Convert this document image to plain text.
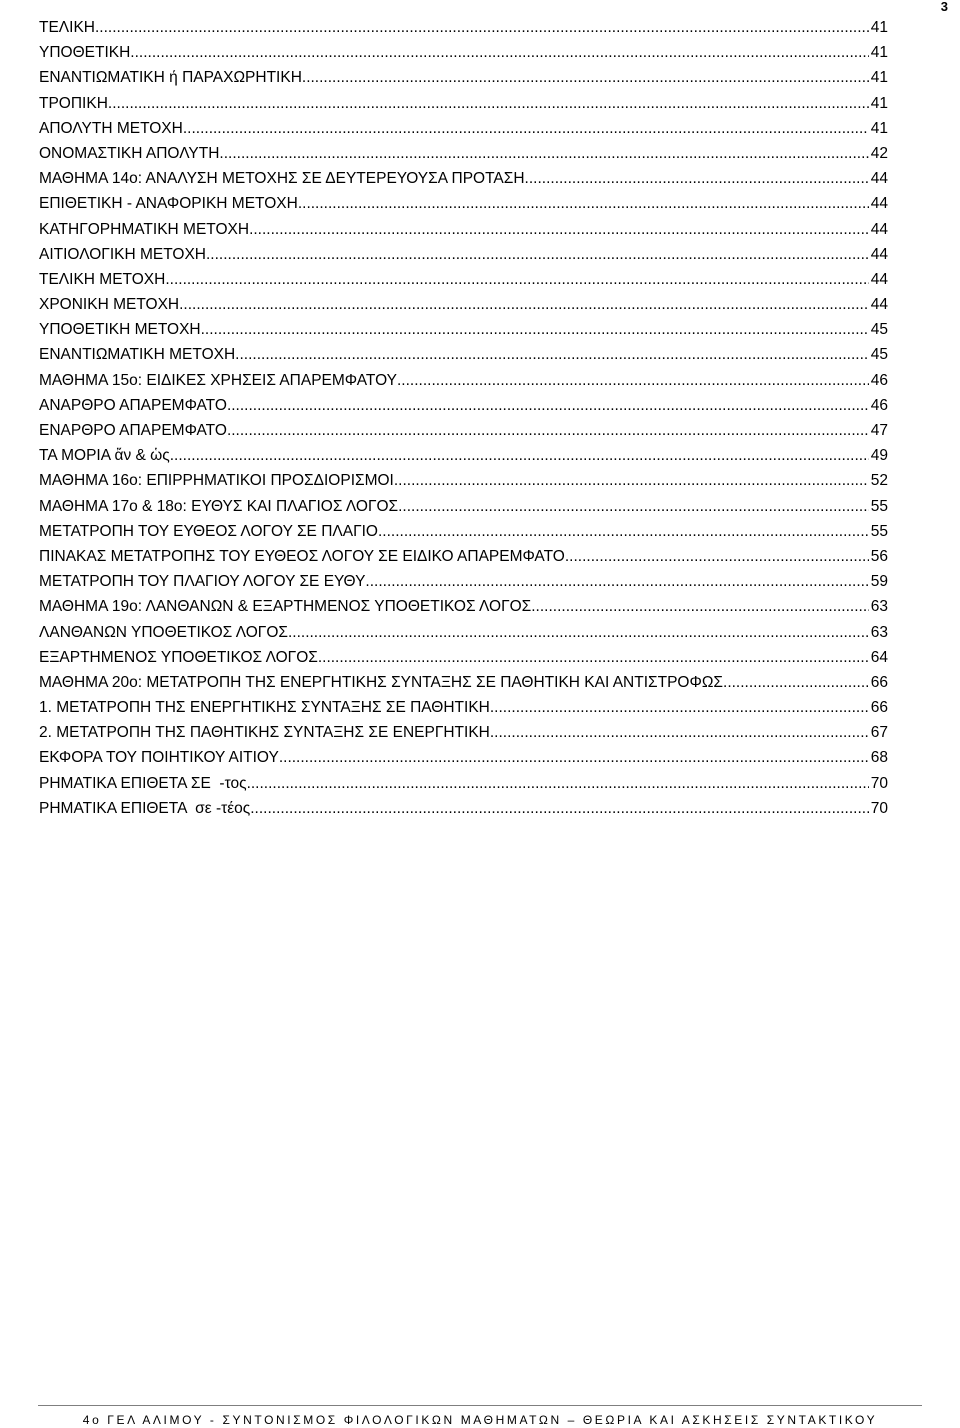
3
ΤΕΛΙΚΗ .....	41
ΥΠΟΘΕΤΙΚΗ .....	41
ΕΝΑΝΤΙΩΜΑΤΙΚΗ ή ΠΑΡΑΧΩΡΗΤΙΚΗ .....	41
ΤΡΟΠΙΚΗ .....	41
ΑΠΟΛΥΤΗ ΜΕΤΟΧΗ .....	41
ΟΝΟΜΑΣΤΙΚΗ ΑΠΟΛΥΤΗ .....	42
ΜΑΘΗΜΑ 14ο: ΑΝΑΛΥΣΗ ΜΕΤΟΧΗΣ ΣΕ ΔΕΥΤΕΡΕΥΟΥΣΑ ΠΡΟΤΑΣΗ .....	44
ΕΠΙΘΕΤΙΚΗ - ΑΝΑΦΟΡΙΚΗ ΜΕΤΟΧΗ .....	44
ΚΑΤΗΓΟΡΗΜΑΤΙΚΗ ΜΕΤΟΧΗ .....	44
ΑΙΤΙΟΛΟΓΙΚΗ ΜΕΤΟΧΗ .....	44
ΤΕΛΙΚΗ ΜΕΤΟΧΗ .....	44
ΧΡΟΝΙΚΗ ΜΕΤΟΧΗ .....	44
ΥΠΟΘΕΤΙΚΗ ΜΕΤΟΧΗ .....	45
ΕΝΑΝΤΙΩΜΑΤΙΚΗ ΜΕΤΟΧΗ .....	45
ΜΑΘΗΜΑ 15ο: ΕΙΔΙΚΕΣ ΧΡΗΣΕΙΣ ΑΠΑΡΕΜΦΑΤΟΥ .....	46
ΑΝΑΡΘΡΟ ΑΠΑΡΕΜΦΑΤΟ .....	46
ΕΝΑΡΘΡΟ ΑΠΑΡΕΜΦΑΤΟ .....	47
ΤΑ ΜΟΡΙΑ ἄν & ὡς .....	49
ΜΑΘΗΜΑ 16ο: ΕΠΙΡΡΗΜΑΤΙΚΟΙ ΠΡΟΣΔΙΟΡΙΣΜΟΙ .....	52
ΜΑΘΗΜΑ 17ο & 18ο: ΕΥΘΥΣ ΚΑΙ ΠΛΑΓΙΟΣ ΛΟΓΟΣ .....	55
ΜΕΤΑΤΡΟΠΗ ΤΟΥ ΕΥΘΕΟΣ ΛΟΓΟΥ ΣΕ ΠΛΑΓΙΟ .....	55
ΠΙΝΑΚΑΣ ΜΕΤΑΤΡΟΠΗΣ ΤΟΥ ΕΥΘΕΟΣ ΛΟΓΟΥ ΣΕ ΕΙΔΙΚΟ ΑΠΑΡΕΜΦΑΤΟ .....	56
ΜΕΤΑΤΡΟΠΗ ΤΟΥ ΠΛΑΓΙΟΥ ΛΟΓΟΥ ΣΕ ΕΥΘΥ .....	59
ΜΑΘΗΜΑ 19ο: ΛΑΝΘΑΝΩΝ & ΕΞΑΡΤΗΜΕΝΟΣ ΥΠΟΘΕΤΙΚΟΣ ΛΟΓΟΣ .....	63
ΛΑΝΘΑΝΩΝ ΥΠΟΘΕΤΙΚΟΣ ΛΟΓΟΣ .....	63
ΕΞΑΡΤΗΜΕΝΟΣ ΥΠΟΘΕΤΙΚΟΣ ΛΟΓΟΣ .....	64
ΜΑΘΗΜΑ 20ο: ΜΕΤΑΤΡΟΠΗ ΤΗΣ ΕΝΕΡΓΗΤΙΚΗΣ ΣΥΝΤΑΞΗΣ ΣΕ ΠΑΘΗΤΙΚΗ ΚΑΙ ΑΝΤΙΣΤΡΟΦΩΣ .....	66
1. ΜΕΤΑΤΡΟΠΗ ΤΗΣ ΕΝΕΡΓΗΤΙΚΗΣ ΣΥΝΤΑΞΗΣ ΣΕ ΠΑΘΗΤΙΚΗ .....	66
2. ΜΕΤΑΤΡΟΠΗ ΤΗΣ ΠΑΘΗΤΙΚΗΣ ΣΥΝΤΑΞΗΣ ΣΕ ΕΝΕΡΓΗΤΙΚΗ .....	67
ΕΚΦΟΡΑ ΤΟΥ ΠΟΙΗΤΙΚΟΥ ΑΙΤΙΟΥ .....	68
ΡΗΜΑΤΙΚΑ ΕΠΙΘΕΤΑ ΣΕ  -τος .....	70
ΡΗΜΑΤΙΚΑ ΕΠΙΘΕΤΑ  σε -τέος .....	70
4ο ΓΕΛ ΑΛΙΜΟΥ - ΣΥΝΤΟΝΙΣΜΟΣ ΦΙΛΟΛΟΓΙΚΩΝ ΜΑΘΗΜΑΤΩΝ – ΘΕΩΡΙΑ ΚΑΙ ΑΣΚΗΣΕΙΣ ΣΥΝΤΑΚΤΙΚΟΥ
